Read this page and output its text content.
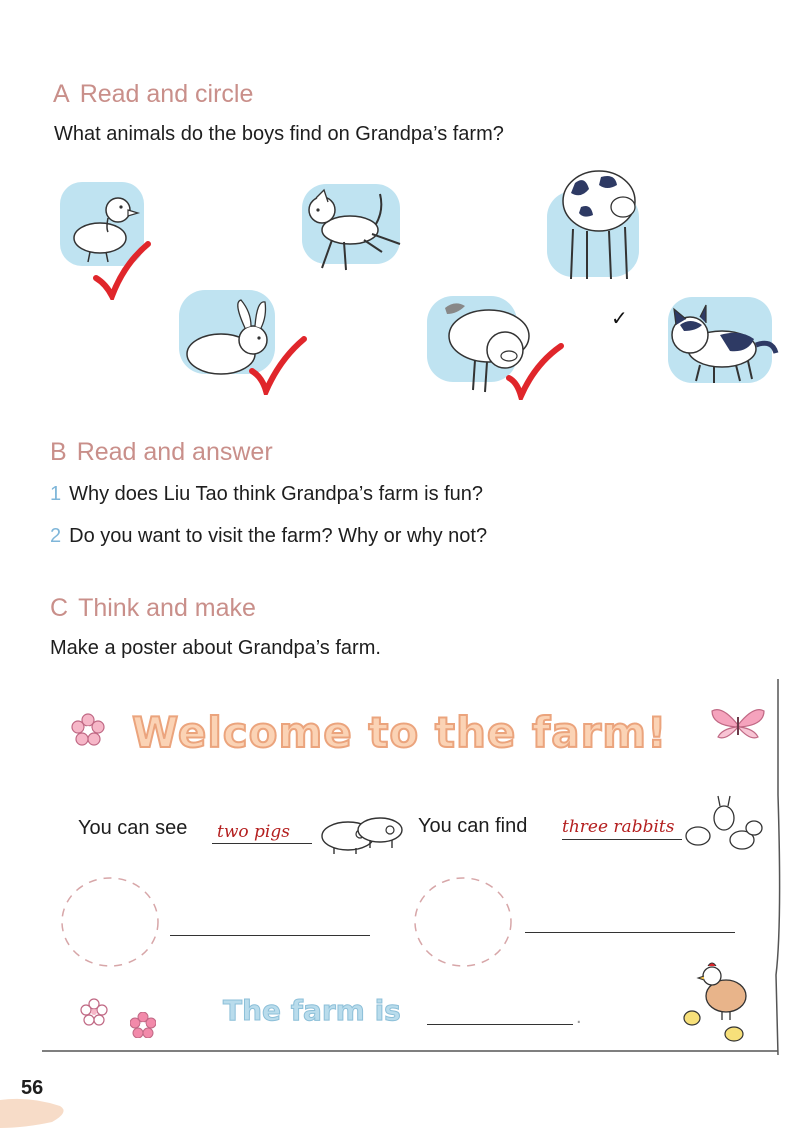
A Read and circle
What animals do the boys find on Grandpa’s farm?
✓
B Read and answer
1 Why does Liu Tao think Grandpa’s farm is fun?
2 Do you want to visit the farm? Why or why not?
C Think and make
Make a poster about Grandpa’s farm.
Welcome to the farm!
You can see two pigs	You can find three rabbits
The farm is	.
56
